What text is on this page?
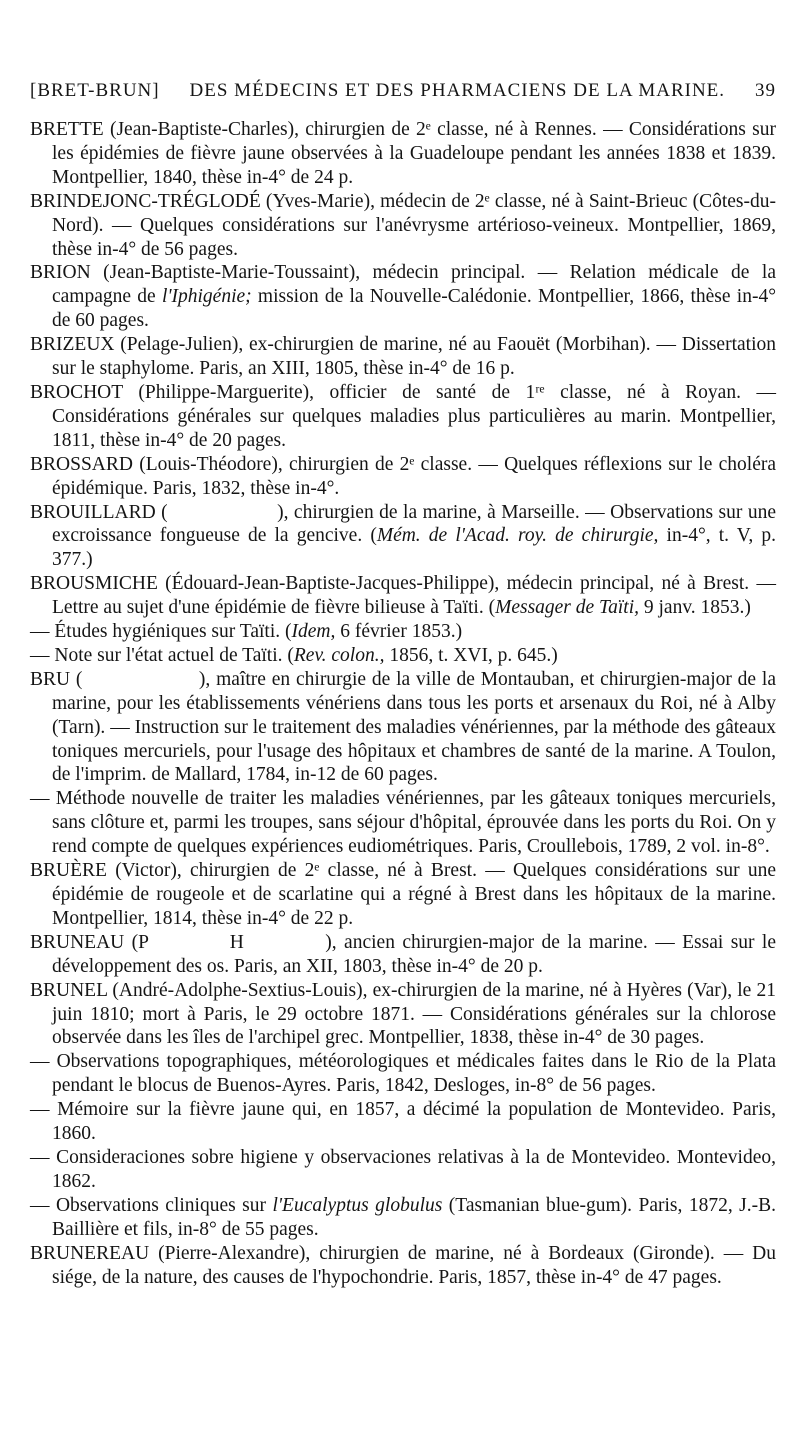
[BRET-BRUN]	DES MÉDECINS ET DES PHARMACIENS DE LA MARINE.	39

BRETTE (Jean-Baptiste-Charles), chirurgien de 2ᵉ classe, né à Rennes. — Considérations sur les épidémies de fièvre jaune observées à la Guadeloupe pendant les années 1838 et 1839. Montpellier, 1840, thèse in-4° de 24 p.

BRINDEJONC-TRÉGLODÉ (Yves-Marie), médecin de 2ᵉ classe, né à Saint-Brieuc (Côtes-du-Nord). — Quelques considérations sur l'anévrysme artérioso-veineux. Montpellier, 1869, thèse in-4° de 56 pages.

BRION (Jean-Baptiste-Marie-Toussaint), médecin principal. — Relation médicale de la campagne de l'Iphigénie; mission de la Nouvelle-Calédonie. Montpellier, 1866, thèse in-4° de 60 pages.

BRIZEUX (Pelage-Julien), ex-chirurgien de marine, né au Faouët (Morbihan). — Dissertation sur le staphylome. Paris, an XIII, 1805, thèse in-4° de 16 p.

BROCHOT (Philippe-Marguerite), officier de santé de 1ʳᵉ classe, né à Royan. — Considérations générales sur quelques maladies plus particulières au marin. Montpellier, 1811, thèse in-4° de 20 pages.

BROSSARD (Louis-Théodore), chirurgien de 2ᵉ classe. — Quelques réflexions sur le choléra épidémique. Paris, 1832, thèse in-4°.

BROUILLARD (                    ), chirurgien de la marine, à Marseille. — Observations sur une excroissance fongueuse de la gencive. (Mém. de l'Acad. roy. de chirurgie, in-4°, t. V, p. 377.)

BROUSMICHE (Édouard-Jean-Baptiste-Jacques-Philippe), médecin principal, né à Brest. — Lettre au sujet d'une épidémie de fièvre bilieuse à Taïti. (Messager de Taïti, 9 janv. 1853.)

— Études hygiéniques sur Taïti. (Idem, 6 février 1853.)

— Note sur l'état actuel de Taïti. (Rev. colon., 1856, t. XVI, p. 645.)

BRU (                    ), maître en chirurgie de la ville de Montauban, et chirurgien-major de la marine, pour les établissements vénériens dans tous les ports et arsenaux du Roi, né à Alby (Tarn). — Instruction sur le traitement des maladies vénériennes, par la méthode des gâteaux toniques mercuriels, pour l'usage des hôpitaux et chambres de santé de la marine. A Toulon, de l'imprim. de Mallard, 1784, in-12 de 60 pages.

— Méthode nouvelle de traiter les maladies vénériennes, par les gâteaux toniques mercuriels, sans clôture et, parmi les troupes, sans séjour d'hôpital, éprouvée dans les ports du Roi. On y rend compte de quelques expériences eudiométriques. Paris, Croullebois, 1789, 2 vol. in-8°.

BRUÈRE (Victor), chirurgien de 2ᵉ classe, né à Brest. — Quelques considérations sur une épidémie de rougeole et de scarlatine qui a régné à Brest dans les hôpitaux de la marine. Montpellier, 1814, thèse in-4° de 22 p.

BRUNEAU (P           H           ), ancien chirurgien-major de la marine. — Essai sur le développement des os. Paris, an XII, 1803, thèse in-4° de 20 p.

BRUNEL (André-Adolphe-Sextius-Louis), ex-chirurgien de la marine, né à Hyères (Var), le 21 juin 1810; mort à Paris, le 29 octobre 1871. — Considérations générales sur la chlorose observée dans les îles de l'archipel grec. Montpellier, 1838, thèse in-4° de 30 pages.

— Observations topographiques, météorologiques et médicales faites dans le Rio de la Plata pendant le blocus de Buenos-Ayres. Paris, 1842, Desloges, in-8° de 56 pages.

— Mémoire sur la fièvre jaune qui, en 1857, a décimé la population de Montevideo. Paris, 1860.

— Consideraciones sobre higiene y observaciones relativas à la de Montevideo. Montevideo, 1862.

— Observations cliniques sur l'Eucalyptus globulus (Tasmanian blue-gum). Paris, 1872, J.-B. Baillière et fils, in-8° de 55 pages.

BRUNEREAU (Pierre-Alexandre), chirurgien de marine, né à Bordeaux (Gironde). — Du siége, de la nature, des causes de l'hypochondrie. Paris, 1857, thèse in-4° de 47 pages.
